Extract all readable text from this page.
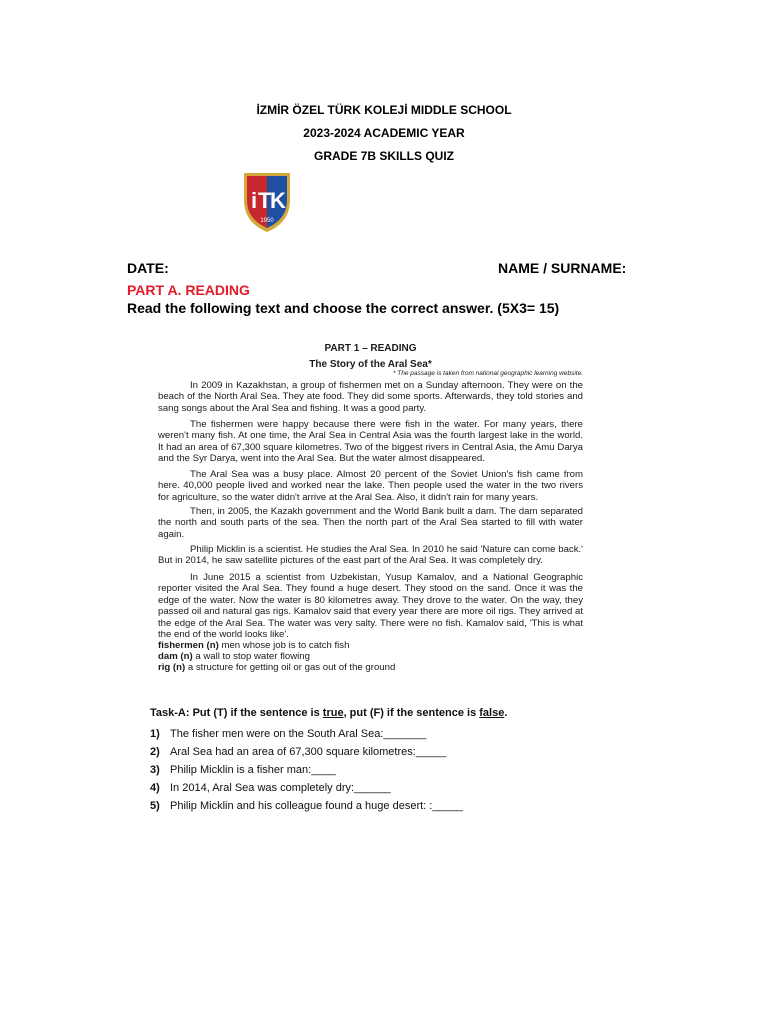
İZMİR ÖZEL TÜRK KOLEJİ MIDDLE SCHOOL
2023-2024 ACADEMIC YEAR
GRADE 7B SKILLS QUIZ
i T
K
1950
DATE:	NAME / SURNAME:
PART A. READING
Read the following text and choose the correct answer. (5X3= 15)
PART 1 – READING
The Story of the Aral Sea*
* The passage is taken from national geographic learning website.

In 2009 in Kazakhstan, a group of fishermen met on a Sunday afternoon. They were on the beach of the North Aral Sea. They ate food. They did some sports. Afterwards, they told stories and sang songs about the Aral Sea and fishing. It was a good party.

The fishermen were happy because there were fish in the water. For many years, there weren't many fish. At one time, the Aral Sea in Central Asia was the fourth largest lake in the world. It had an area of 67,300 square kilometres. Two of the biggest rivers in Central Asia, the Amu Darya and the Syr Darya, went into the Aral Sea. But the water almost disappeared.

The Aral Sea was a busy place. Almost 20 percent of the Soviet Union's fish came from here. 40,000 people lived and worked near the lake. Then people used the water in the two rivers for agriculture, so the water didn't arrive at the Aral Sea. Also, it didn't rain for many years.

Then, in 2005, the Kazakh government and the World Bank built a dam. The dam separated the north and south parts of the sea. Then the north part of the Aral Sea started to fill with water again.

Philip Micklin is a scientist. He studies the Aral Sea. In 2010 he said 'Nature can come back.' But in 2014, he saw satellite pictures of the east part of the Aral Sea. It was completely dry.

In June 2015 a scientist from Uzbekistan, Yusup Kamalov, and a National Geographic reporter visited the Aral Sea. They found a huge desert. They stood on the sand. Once it was the edge of the water. Now the water is 80 kilometres away. They drove to the water. On the way, they passed oil and natural gas rigs. Kamalov said that every year there are more oil rigs. They arrived at the edge of the Aral Sea. The water was very salty. There were no fish. Kamalov said, 'This is what the end of the world looks like'.

fishermen (n) men whose job is to catch fish
dam (n) a wall to stop water flowing
rig (n) a structure for getting oil or gas out of the ground
Task-A: Put (T) if the sentence is true, put (F) if the sentence is false.
1) The fisher men were on the South Aral Sea:_______
2) Aral Sea had an area of 67,300 square kilometres:_____
3) Philip Micklin is a fisher man:____
4) In 2014, Aral Sea was completely dry:______
5) Philip Micklin and his colleague found a huge desert: :_____
